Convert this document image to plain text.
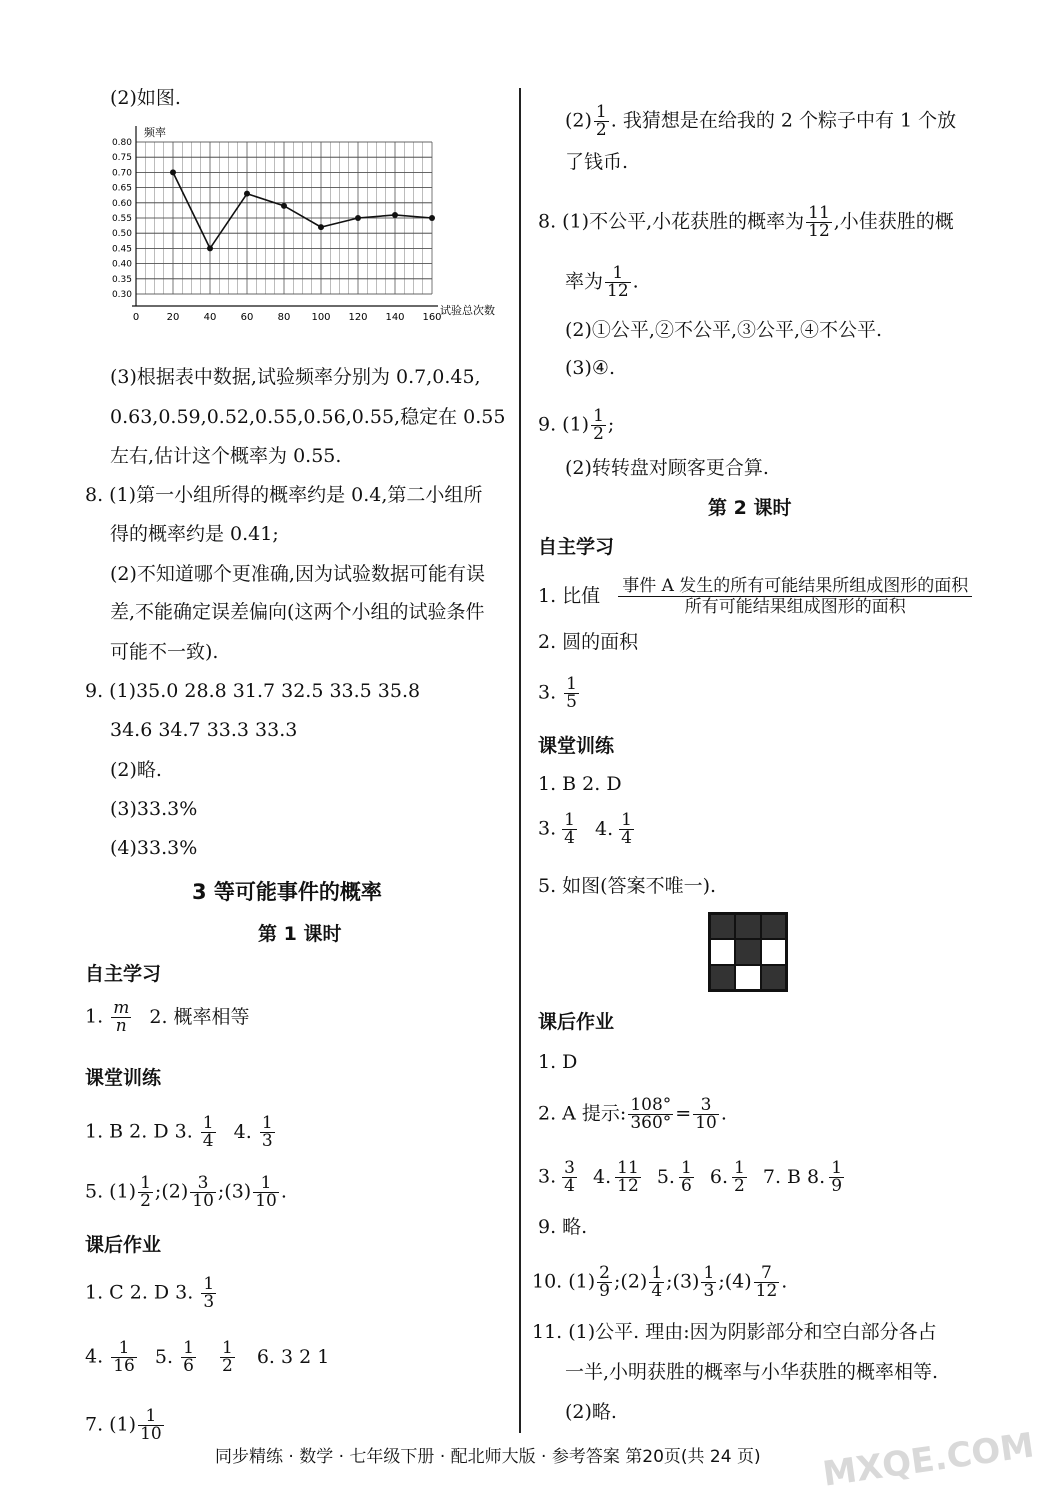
(2)如图.
0.80
0.75
0.70
0.65
0.60
0.55
0.50
0.45
0.40
0.35
0.30
0	20 40 60 80 100 120 140 160
频率
试验总次数
(3)根据表中数据,试验频率分别为 0.7,0.45,
0.63,0.59,0.52,0.55,0.56,0.55,稳定在 0.55
左右,估计这个概率为 0.55.
8. (1)第一小组所得的概率约是 0.4,第二小组所
得的概率约是 0.41;
(2)不知道哪个更准确,因为试验数据可能有误
差,不能确定误差偏向(这两个小组的试验条件
可能不一致).
9. (1)35.0 28.8 31.7 32.5 33.5 35.8
34.6 34.7 33.3 33.3
(2)略.
(3)33.3%
(4)33.3%
3 等可能事件的概率
第 1 课时
自主学习
1. $\frac{m}{n} 2$. 概率相等
课堂训练
1. B 2. D 3. $\frac{1}{4} 4$. $\frac{1}{3}$
5. $(1) \frac{1}{2}$ ;(2) $\frac{3}{10}$ ;(3) $\frac{1}{10}$ .
课后作业
1. C 2. D 3. $\frac{1}{3}$
4. $\frac{1}{16} 5$. $\frac{1}{6}$
$\frac{1}{2} 6$. 3 2 1
7. $(1) \frac{1}{10}$
$(2) \frac{1}{2}$ . 我猜想是在给我的 2 个粽子中有 1 个放
了钱币.
8. (1)不公平,小花获胜的概率为 $\frac{11}{12}$ ,小佳获胜的概
率为 $\frac{1}{12}$ .
(2)①公平,②不公平,③公平,④不公平.
(3)④.
9. $(1) \frac{1}{2}$ ;
(2)转转盘对顾客更合算.
第 2 课时
自主学习
1. 比值 事件 A 发生的所有可能结果所组成图形的面积
所有可能结果组成图形的面积
2. 圆的面积
3. $\frac{1}{5}$
课堂训练
1. B 2. D
3. $\frac{1}{4} 4$. $\frac{1}{4}$
5. 如图(答案不唯一).
课后作业
1. D
2. A 提示: $\frac{108^\circ}{360^\circ} = \frac{3}{10}$ .
3. $\frac{3}{4} 4$. $\frac{11}{12} 5$. $\frac{1}{6} 6$. $\frac{1}{2} 7$. B 8. $\frac{1}{9}$
9. 略.
10. $(1) \frac{2}{9}$ ;(2) $\frac{1}{4}$ ;(3) $\frac{1}{3}$ ;(4) $\frac{7}{12}$ .
11. (1)公平. 理由:因为阴影部分和空白部分各占
一半,小明获胜的概率与小华获胜的概率相等.
(2)略.
同步精练 · 数学 · 七年级下册 · 配北师大版 · 参考答案 第20页(共 24 页) MXQE.COM
